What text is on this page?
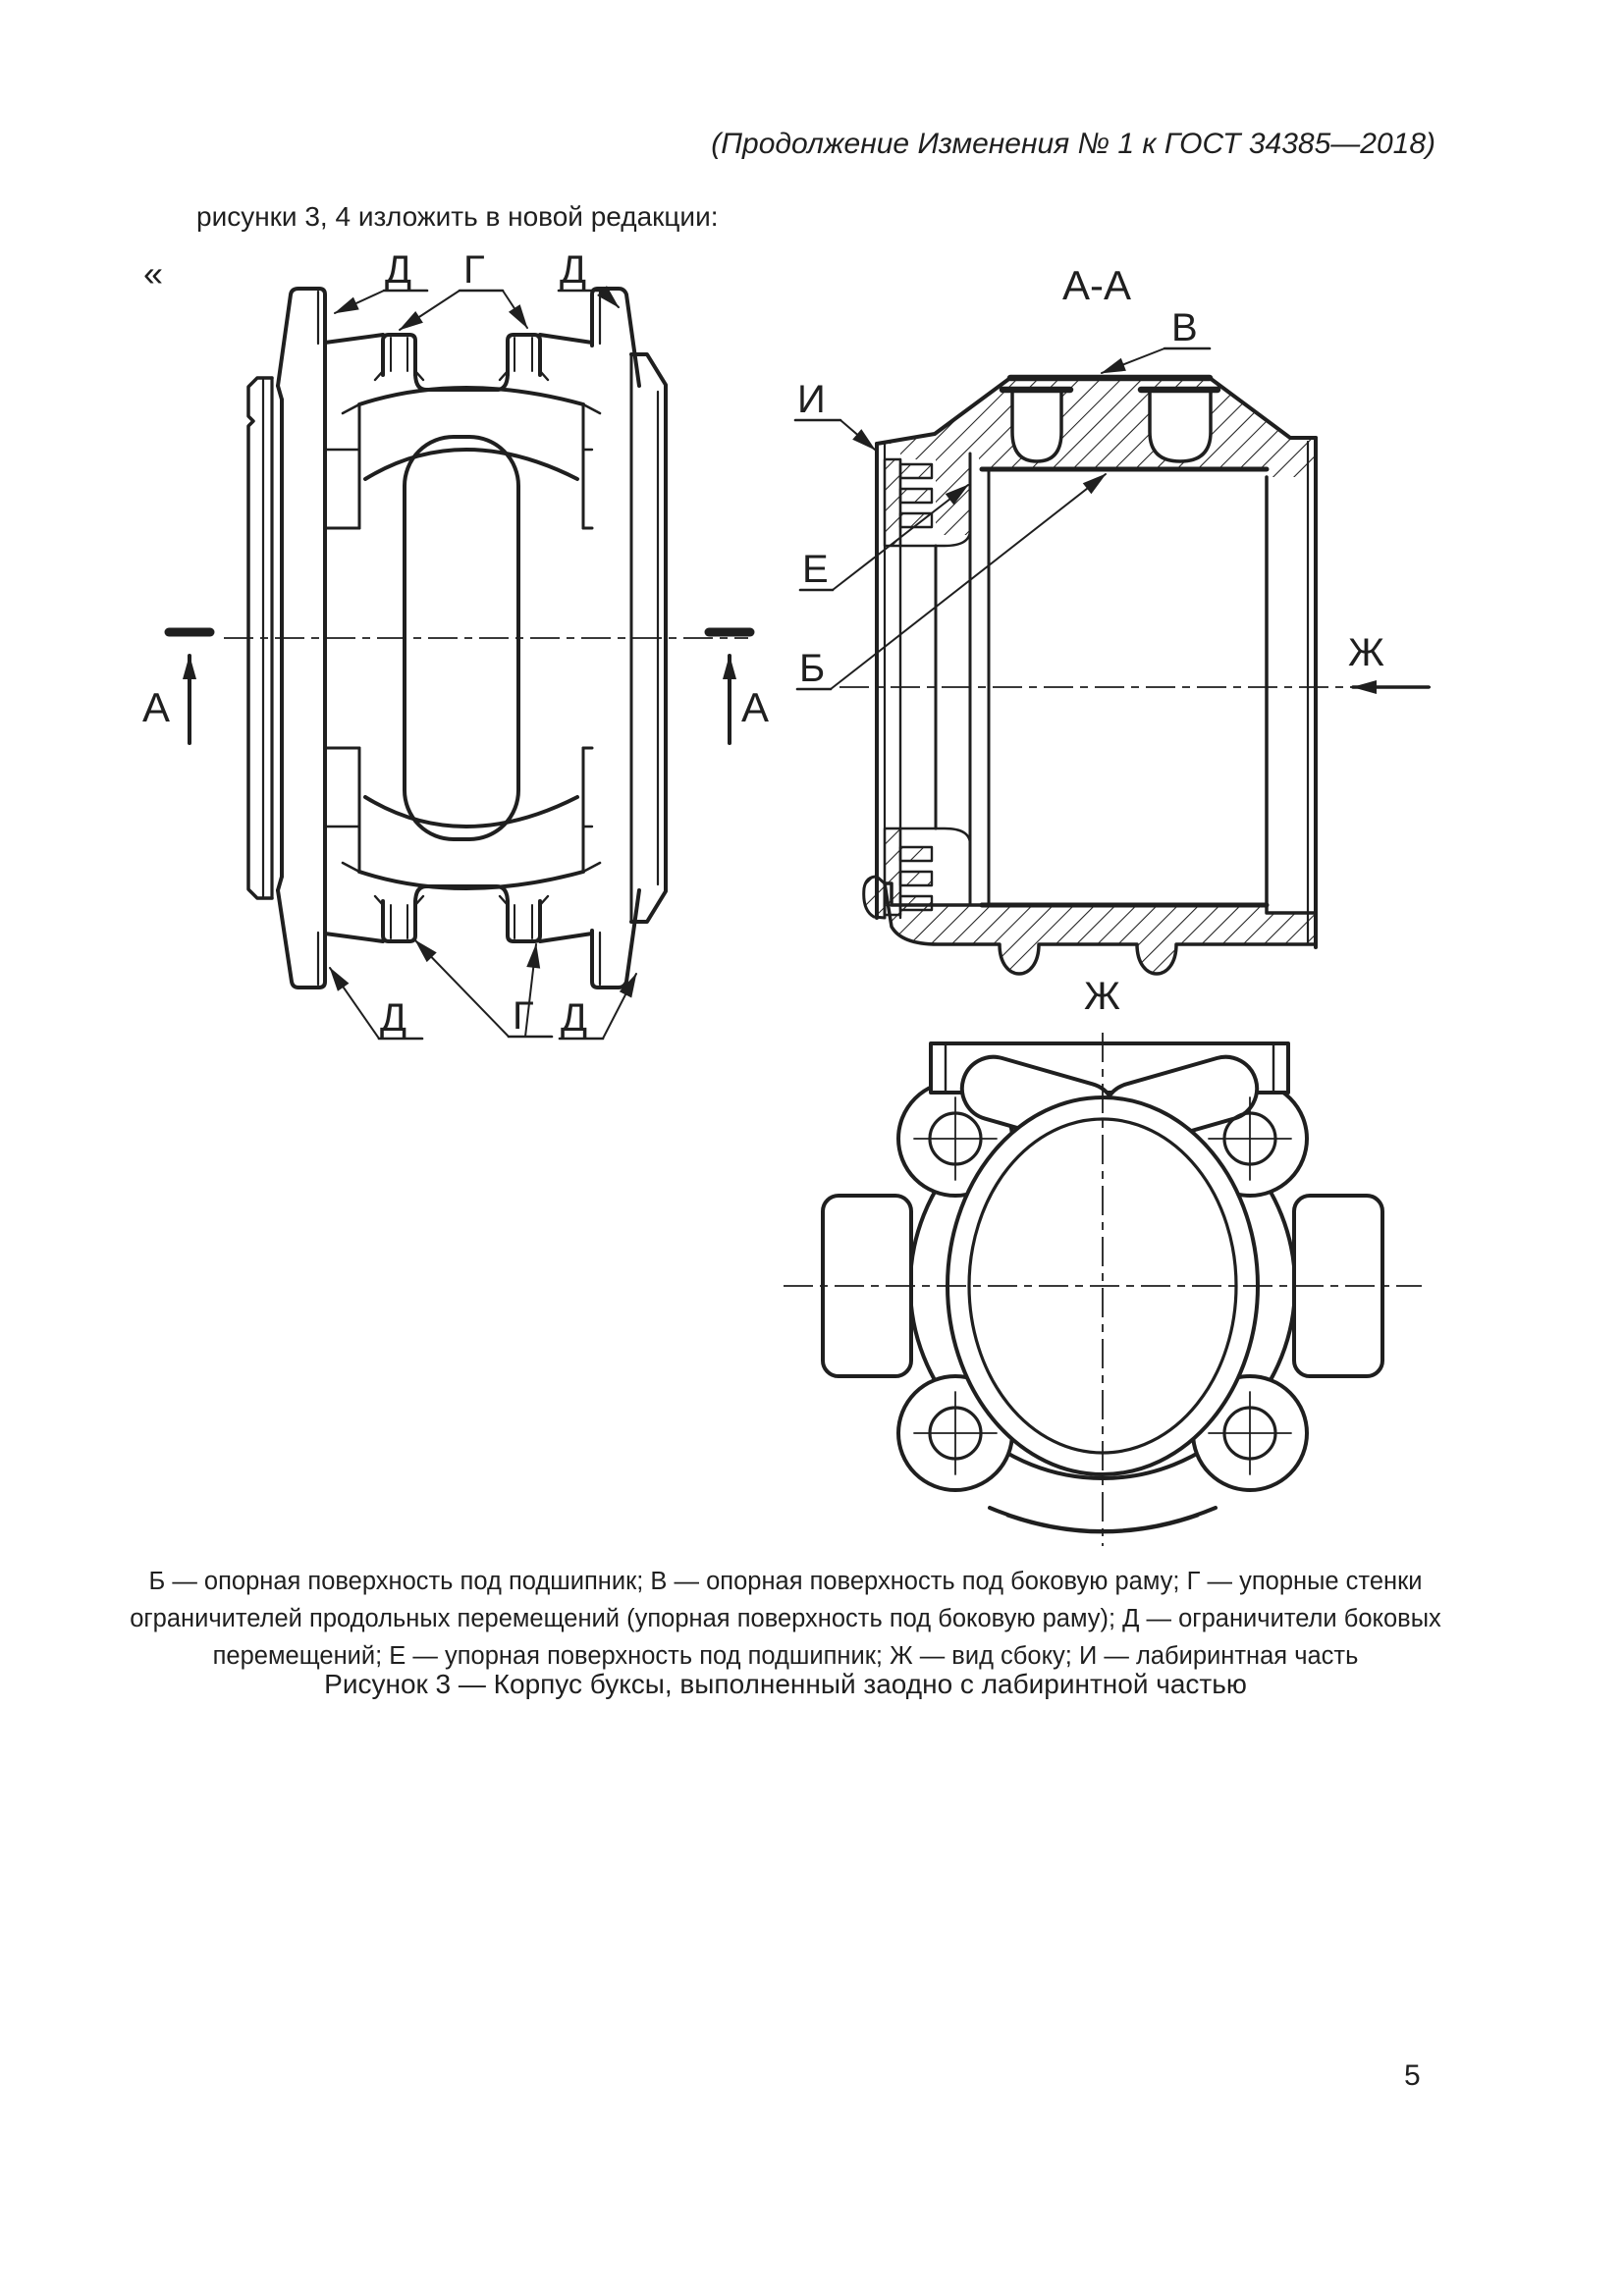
(Продолжение Изменения № 1 к ГОСТ 34385—2018)
рисунки 3, 4 изложить в новой редакции:
«
Б — опорная поверхность под подшипник; В — опорная поверхность под боковую раму; Г — упорные стенки ограничителей продольных перемещений (упорная поверхность под боковую раму); Д — ограничители боковых перемещений; Е — упорная поверхность под подшипник; Ж — вид сбоку; И — лабиринтная часть
Рисунок 3 — Корпус буксы, выполненный заодно с лабиринтной частью
5
А	А
Д Г Д
Д	Г Д
А-А
В
И
Е
Б	Ж
Ж
